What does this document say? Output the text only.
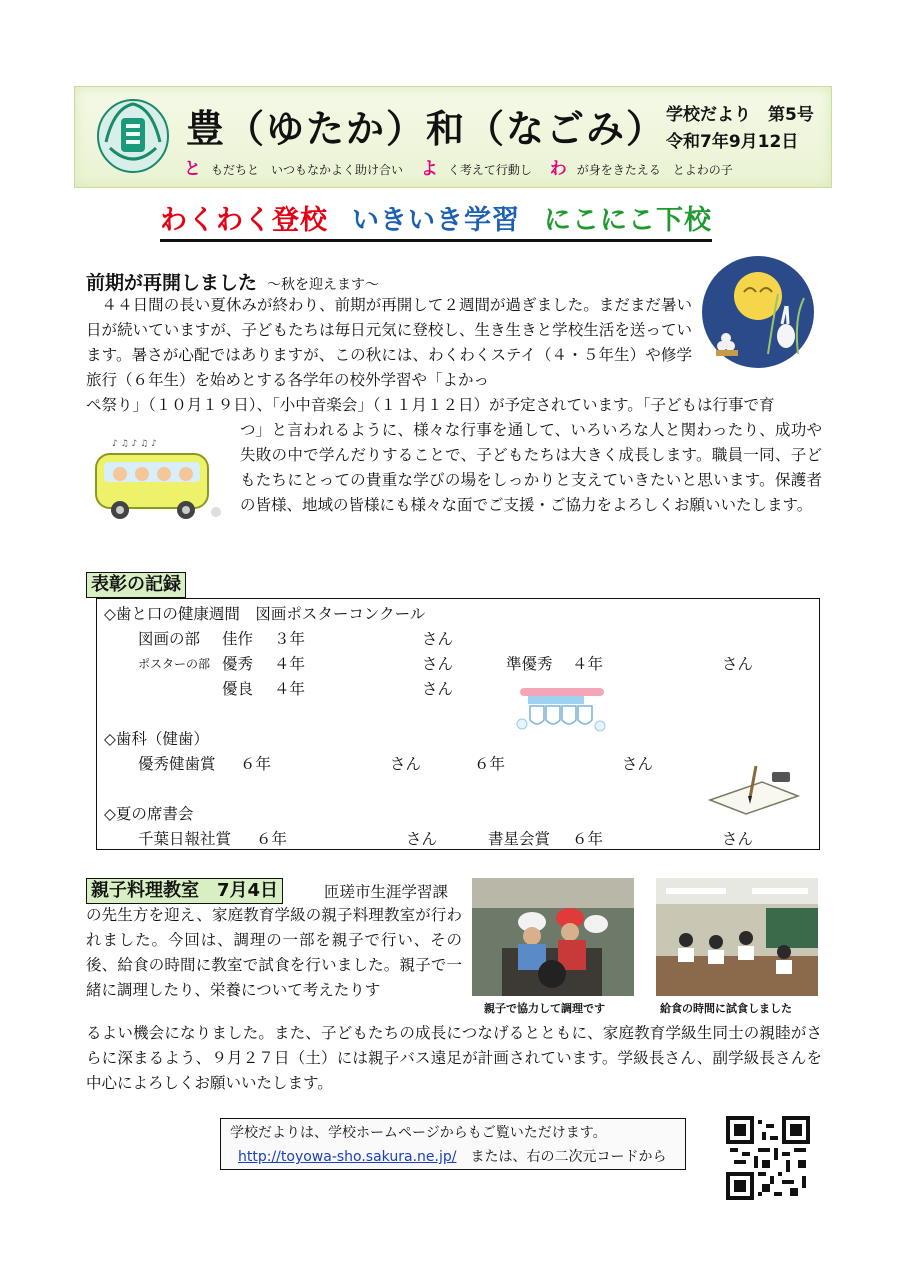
豊（ゆたか）和（なごみ） 学校だより　第5号
令和7年9月12日
と もだちと　いつもなかよく助け合い よ く考えて行動し わ が身をきたえる　とよわの子
わくわく登校 いきいき学習 にこにこ下校
前期が再開しました ～秋を迎えます～
　４４日間の長い夏休みが終わり、前期が再開して２週間が過ぎました。まだまだ暑い日が続いていますが、子どもたちは毎日元気に登校し、生き生きと学校生活を送っています。暑さが心配ではありますが、この秋には、わくわくステイ（４・５年生）や修学旅行（６年生）を始めとする各学年の校外学習や「よかっ
ぺ祭り」（１０月１９日）、「小中音楽会」（１１月１２日）が予定されています。「子どもは行事で育
つ」と言われるように、様々な行事を通して、いろいろな人と関わったり、成功や失敗の中で学んだりすることで、子どもたちは大きく成長します。職員一同、子どもたちにとっての貴重な学びの場をしっかりと支えていきたいと思います。保護者の皆様、地域の皆様にも様々な面でご支援・ご協力をよろしくお願いいたします。
♪ ♫ ♪ ♫ ♪
表彰の記録
◇歯と口の健康週間　図画ポスターコンクール
図画の部 佳作 ３年	さん
ポスターの部 優秀 ４年	さん	準優秀 ４年	さん
優良 ４年	さん
◇歯科（健歯）
優秀健歯賞 ６年	さん	６年	さん
◇夏の席書会
千葉日報社賞 ６年	さん	書星会賞 ６年	さん
親子料理教室　7月4日	匝瑳市生涯学習課
の先生方を迎え、家庭教育学級の親子料理教室が行われました。今回は、調理の一部を親子で行い、その後、給食の時間に教室で試食を行いました。親子で一緒に調理したり、栄養について考えたりす
るよい機会になりました。また、子どもたちの成長につなげるとともに、家庭教育学級生同士の親睦がさらに深まるよう、９月２７日（土）には親子バス遠足が計画されています。学級長さん、副学級長さんを中心によろしくお願いいたします。
親子で協力して調理です	給食の時間に試食しました
学校だよりは、学校ホームページからもご覧いただけます。
http://toyowa-sho.sakura.ne.jp/　または、右の二次元コードから
